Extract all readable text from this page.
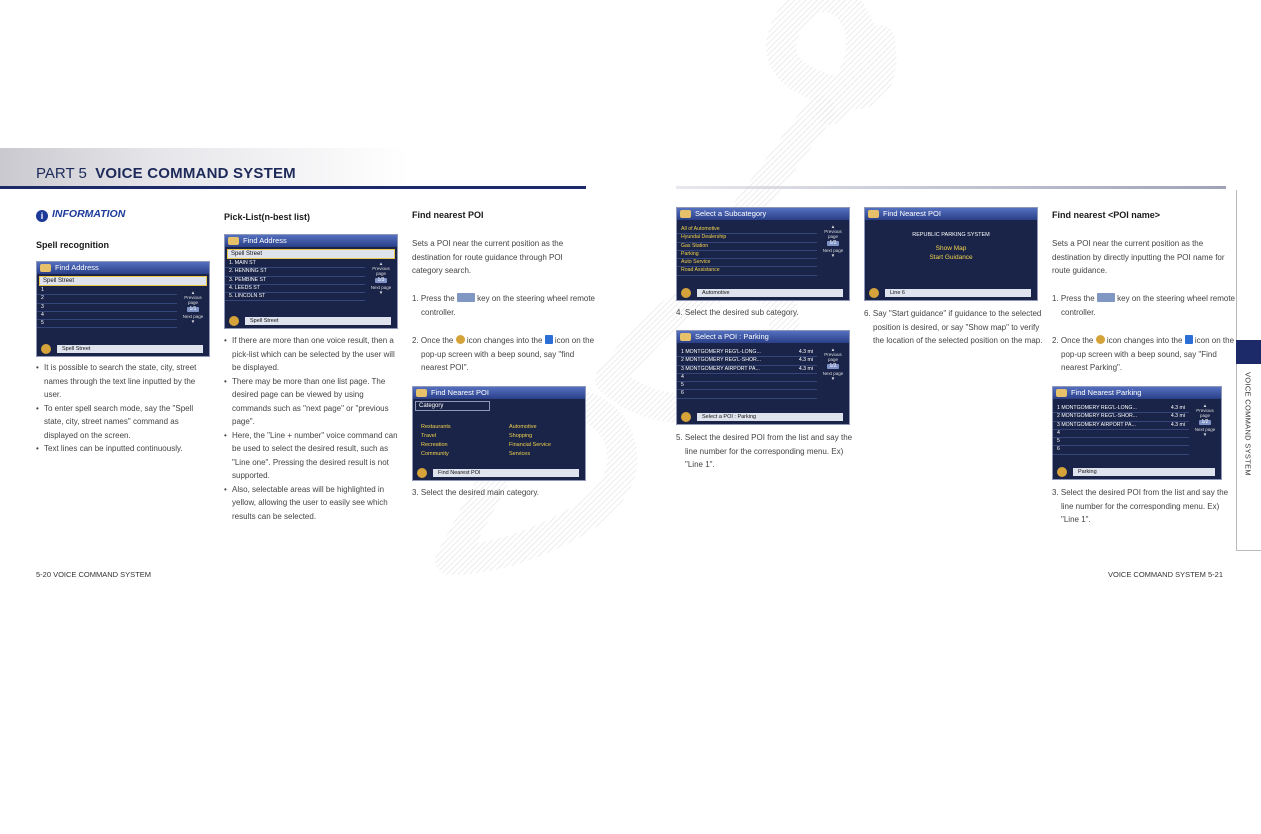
PART 5 VOICE COMMAND SYSTEM
i INFORMATION
Spell recognition
Find Address
Spell Street
1
2
3
4
5
▲
Previous page
1/1
Next page
▼
Spell Street
• It is possible to search the state, city, street names through the text line inputted by the user.
• To enter spell search mode, say the "Spell state, city, street names" command as displayed on the screen.
• Text lines can be inputted continuously.
Pick-List(n-best list)
Find Address
Spell Street
1. MAIN ST
2. HENNING ST
3. PEMBINE ST
4. LEEDS ST
5. LINCOLN ST
▲
Previous page
1/3
Next page
▼
Spell Street
• If there are more than one voice result, then a pick-list which can be selected by the user will be displayed.
• There may be more than one list page. The desired page can be viewed by using commands such as "next page" or "previous page".
• Here, the "Line + number" voice command can be used to select the desired result, such as "Line one". Pressing the desired result is not supported.
• Also, selectable areas will be highlighted in yellow, allowing the user to easily see which results can be selected.
Find nearest POI
Sets a POI near the current position as the destination for route guidance through POI category search.
1. Press the	key on the steering wheel remote controller.
2. Once the icon changes into the icon on the pop-up screen with a beep sound, say "find nearest POI".
Find Nearest POI
Category
Restaurants
Travel
Recreation
Community
Automotive
Shopping
Financial Service
Services
Find Nearest POI
3. Select the desired main category.
Select a Subcategory
All of Automotive
Hyundai Dealership
Gas Station
Parking
Auto Service
Road Assistance
▲
Previous page
1/2
Next page
▼
Automotive
4. Select the desired sub category.
Select a POI : Parking
1 MONTGOMERY REG'L-LONG...	4.3 mi
2 MONTGOMERY REG'L-SHOR...	4.3 mi
3 MONTGOMERY AIRPORT PA...	4.3 mi
4
5
6
▲
Previous page
1/2
Next page
▼
Select a POI : Parking
5. Select the desired POI from the list and say the line number for the corresponding menu. Ex) "Line 1".
Find Nearest POI
REPUBLIC PARKING SYSTEM
Show Map
Start Guidance
Line 6
6. Say "Start guidance" if guidance to the selected position is desired, or say "Show map" to verify the location of the selected position on the map.
Find nearest <POI name>
Sets a POI near the current position as the destination by directly inputting the POI name for route guidance.
1. Press the	key on the steering wheel remote controller.
2. Once the icon changes into the icon on the pop-up screen with a beep sound, say "Find nearest Parking".
Find Nearest Parking
1 MONTGOMERY REG'L-LONG...	4.3 mi
2 MONTGOMERY REG'L-SHOR...	4.3 mi
3 MONTGOMERY AIRPORT PA...	4.3 mi
4
5
6
▲
Previous page
1/2
Next page
▼
Parking
3. Select the desired POI from the list and say the line number for the corresponding menu. Ex) "Line 1".
VOICE COMMAND SYSTEM
5-20 VOICE COMMAND SYSTEM	VOICE COMMAND SYSTEM 5-21
